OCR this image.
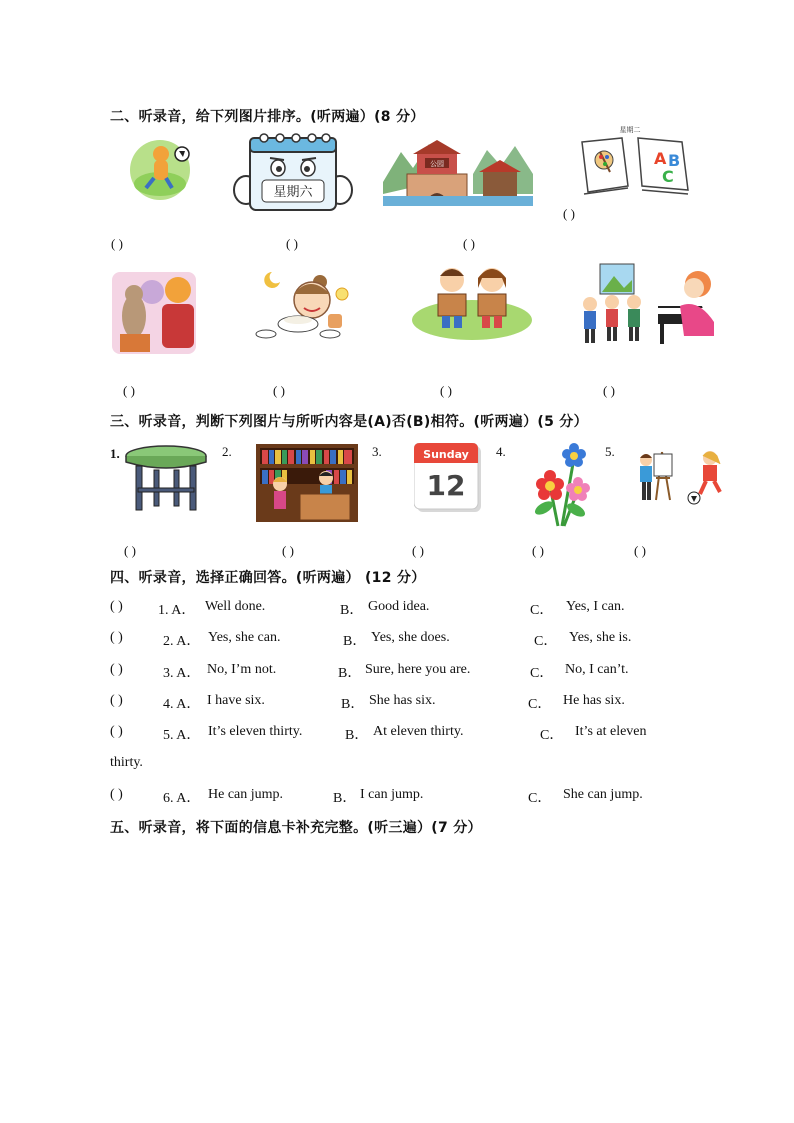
二、听录音，给下列图片排序。(听两遍）(8 分）
星期六
公园
星期二
A B
C
( )
( )	( )	( )
( )	( )	( )	( )
三、听录音，判断下列图片与所听内容是(A)否(B)相符。(听两遍）(5 分）
1.	2.	3.	Sunday
12
4.	5.
( )	( )	( )	( )	( )
四、听录音，选择正确回答。(听两遍） (12 分）
( )	1. A． Well done.	B． Good idea.	C． Yes, I can.
( )	2. A． Yes, she can.	B． Yes, she does.	C． Yes, she is.
( )	3. A． No, I’m not.	B． Sure, here you are.	C． No, I can’t.
( )	4. A． I have six.	B． She has six.	C． He has six.
( )	5. A． It’s eleven thirty.	B． At eleven thirty.	C． It’s at eleven
thirty.
( )	6. A． He can jump.	B． I can jump.	C． She can jump.
五、听录音，将下面的信息卡补充完整。(听三遍）(7 分）
